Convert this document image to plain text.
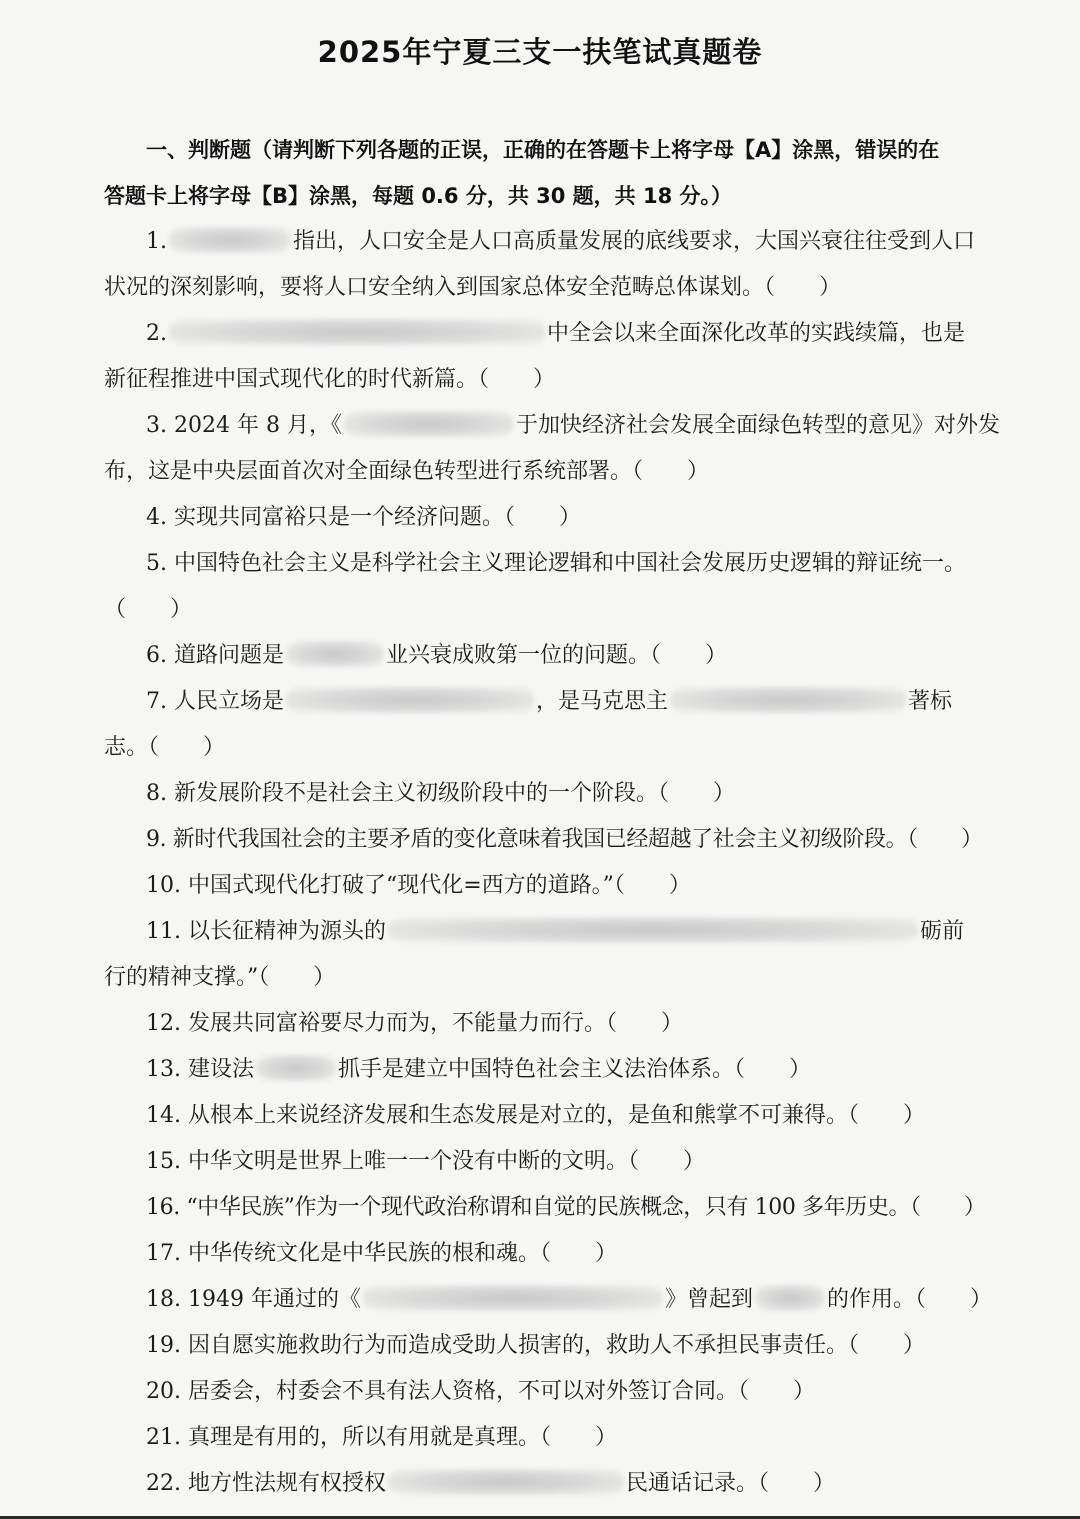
2025年宁夏三支一扶笔试真题卷
一、判断题（请判断下列各题的正误，正确的在答题卡上将字母【A】涂黑，错误的在
答题卡上将字母【B】涂黑，每题 0.6 分，共 30 题，共 18 分。）
1.	指出，人口安全是人口高质量发展的底线要求，大国兴衰往往受到人口
状况的深刻影响，要将人口安全纳入到国家总体安全范畴总体谋划。（　　）
2.	中全会以来全面深化改革的实践续篇，也是
新征程推进中国式现代化的时代新篇。（　　）
3. 2024 年 8 月，《	于加快经济社会发展全面绿色转型的意见》对外发
布，这是中央层面首次对全面绿色转型进行系统部署。（　　）
4. 实现共同富裕只是一个经济问题。（　　）
5. 中国特色社会主义是科学社会主义理论逻辑和中国社会发展历史逻辑的辩证统一。
（　　）
6. 道路问题是	业兴衰成败第一位的问题。（　　）
7. 人民立场是	，是马克思主	著标
志。（　　）
8. 新发展阶段不是社会主义初级阶段中的一个阶段。（　　）
9. 新时代我国社会的主要矛盾的变化意味着我国已经超越了社会主义初级阶段。（　　）
10. 中国式现代化打破了“现代化=西方的道路。”（　　）
11. 以长征精神为源头的	砺前
行的精神支撑。”（　　）
12. 发展共同富裕要尽力而为，不能量力而行。（　　）
13. 建设法	抓手是建立中国特色社会主义法治体系。（　　）
14. 从根本上来说经济发展和生态发展是对立的，是鱼和熊掌不可兼得。（　　）
15. 中华文明是世界上唯一一个没有中断的文明。（　　）
16. “中华民族”作为一个现代政治称谓和自觉的民族概念，只有 100 多年历史。（　　）
17. 中华传统文化是中华民族的根和魂。（　　）
18. 1949 年通过的《	》曾起到	的作用。（　　）
19. 因自愿实施救助行为而造成受助人损害的，救助人不承担民事责任。（　　）
20. 居委会，村委会不具有法人资格，不可以对外签订合同。（　　）
21. 真理是有用的，所以有用就是真理。（　　）
22. 地方性法规有权授权	民通话记录。（　　）
